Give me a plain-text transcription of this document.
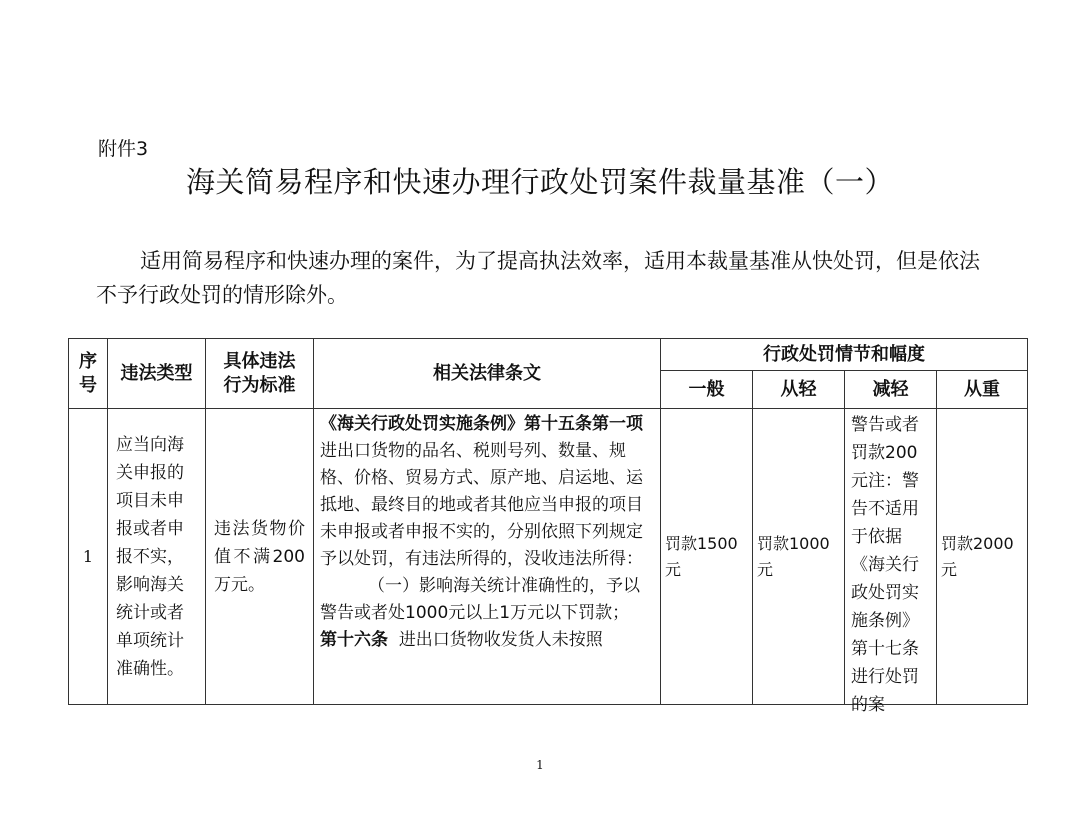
附件3
海关简易程序和快速办理行政处罚案件裁量基准（一）
适用简易程序和快速办理的案件，为了提高执法效率，适用本裁量基准从快处罚，但是依法不予行政处罚的情形除外。
序号	违法类型	具体违法行为标准	相关法律条文	行政处罚情节和幅度			
				一般	从轻	减轻	从重
1	应当向海关申报的项目未申报或者申报不实，影响海关统计或者单项统计准确性。	违法货物价值不满200万元。	《海关行政处罚实施条例》第十五条第一项 进出口货物的品名、税则号列、数量、规格、价格、贸易方式、原产地、启运地、运抵地、最终目的地或者其他应当申报的项目未申报或者申报不实的，分别依照下列规定予以处罚，有违法所得的，没收违法所得：
（一）影响海关统计准确性的，予以警告或者处1000元以上1万元以下罚款；
第十六条 进出口货物收发货人未按照	罚款1500元	罚款1000元	警告或者罚款200元注：警告不适用于依据《海关行政处罚实施条例》第十七条进行处罚的案	罚款2000元
1
